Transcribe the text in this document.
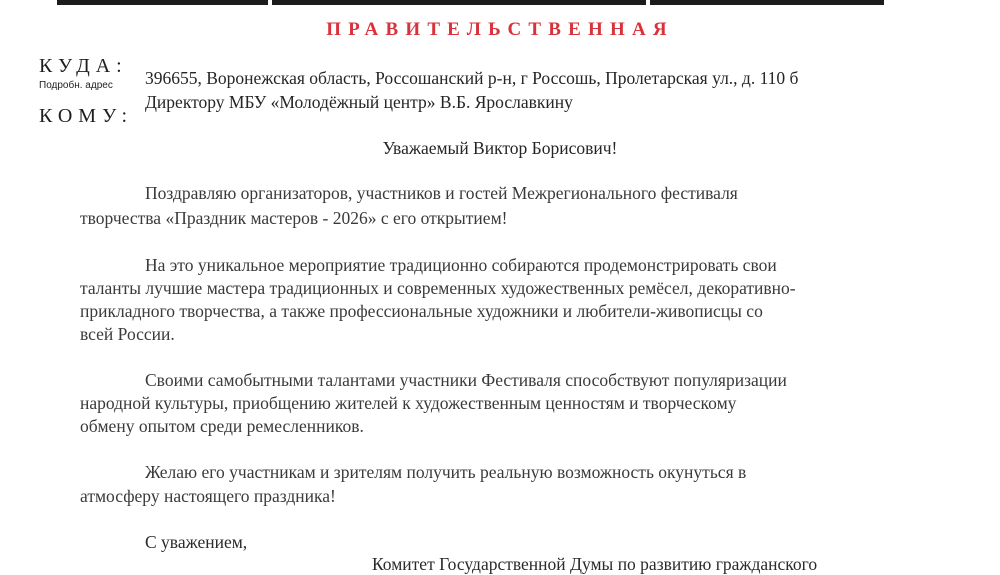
ПРАВИТЕЛЬСТВЕННАЯ
КУДА:
Подробн. адрес 396655, Воронежская область, Россошанский р-н, г Россошь, Пролетарская ул., д. 110 б
КОМУ:
Директору МБУ «Молодёжный центр» В.Б. Ярославкину
Уважаемый Виктор Борисович!
Поздравляю организаторов, участников и гостей Межрегионального фестиваля
творчества «Праздник мастеров - 2026» с его открытием!
На это уникальное мероприятие традиционно собираются продемонстрировать свои
таланты лучшие мастера традиционных и современных художественных ремёсел, декоративно-
прикладного творчества, а также профессиональные художники и любители-живописцы со
всей России.
Своими самобытными талантами участники Фестиваля способствуют популяризации
народной культуры, приобщению жителей к художественным ценностям и творческому
обмену опытом среди ремесленников.
Желаю его участникам и зрителям получить реальную возможность окунуться в
атмосферу настоящего праздника!
С уважением,
Комитет Государственной Думы по развитию гражданского
